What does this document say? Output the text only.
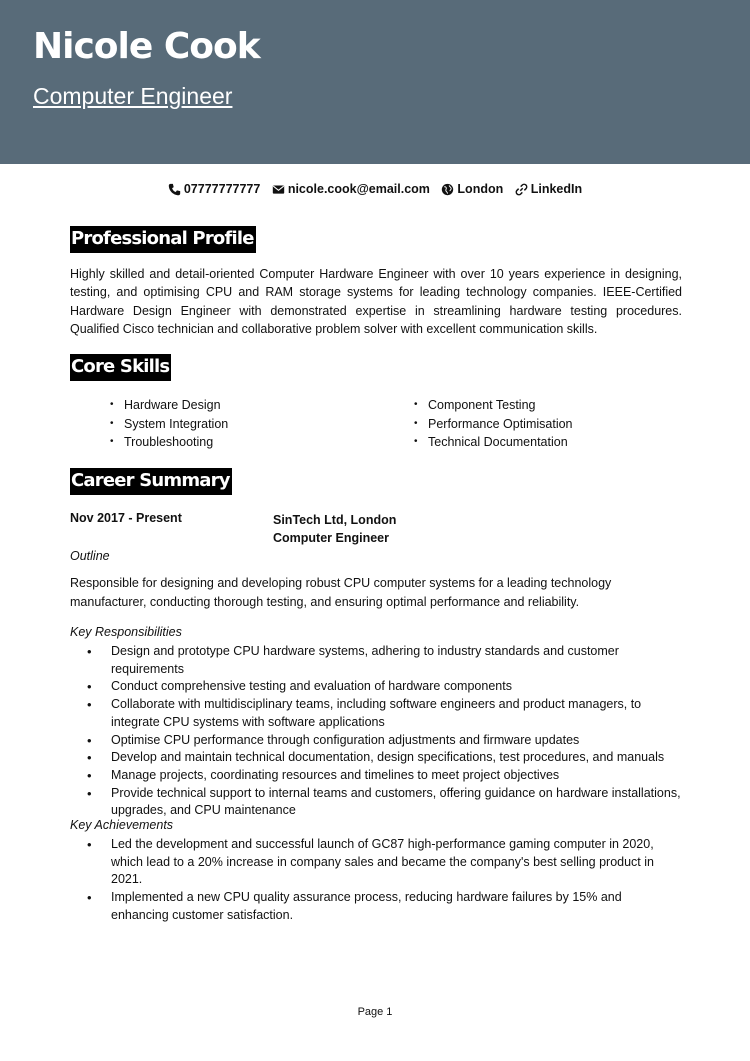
Nicole Cook
Computer Engineer
07777777777
nicole.cook@email.com
London
LinkedIn
Professional Profile

Highly skilled and detail-oriented Computer Hardware Engineer with over 10 years experience in designing, testing, and optimising CPU and RAM storage systems for leading technology companies. IEEE-Certified Hardware Design Engineer with demonstrated expertise in streamlining hardware testing procedures. Qualified Cisco technician and collaborative problem solver with excellent communication skills.

Core Skills
• Hardware Design
• System Integration
• Troubleshooting
• Component Testing
• Performance Optimisation
• Technical Documentation
Career Summary
Nov 2017 - Present	SinTech Ltd, London
Computer Engineer
Outline

Responsible for designing and developing robust CPU computer systems for a leading technology manufacturer, conducting thorough testing, and ensuring optimal performance and reliability.

Key Responsibilities
• Design and prototype CPU hardware systems, adhering to industry standards and customer requirements
• Conduct comprehensive testing and evaluation of hardware components
• Collaborate with multidisciplinary teams, including software engineers and product managers, to integrate CPU systems with software applications
• Optimise CPU performance through configuration adjustments and firmware updates
• Develop and maintain technical documentation, design specifications, test procedures, and manuals
• Manage projects, coordinating resources and timelines to meet project objectives
• Provide technical support to internal teams and customers, offering guidance on hardware installations, upgrades, and CPU maintenance
Key Achievements
• Led the development and successful launch of GC87 high-performance gaming computer in 2020, which lead to a 20% increase in company sales and became the company's best selling product in 2021.
• Implemented a new CPU quality assurance process, reducing hardware failures by 15% and enhancing customer satisfaction.
Page 1
